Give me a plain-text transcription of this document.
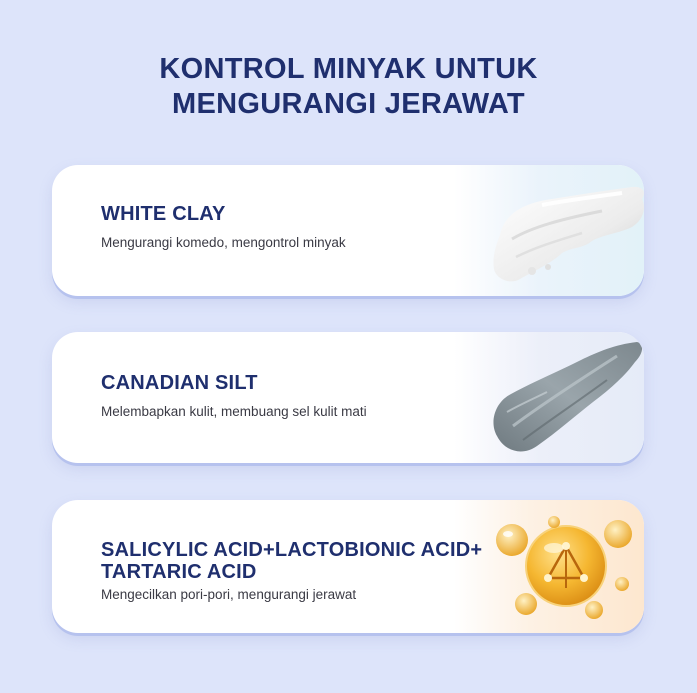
KONTROL MINYAK UNTUK
MENGURANGI JERAWAT
WHITE CLAY
Mengurangi komedo, mengontrol minyak
CANADIAN SILT
Melembapkan kulit, membuang sel kulit mati
SALICYLIC ACID+LACTOBIONIC ACID+
TARTARIC ACID
Mengecilkan pori-pori, mengurangi jerawat
